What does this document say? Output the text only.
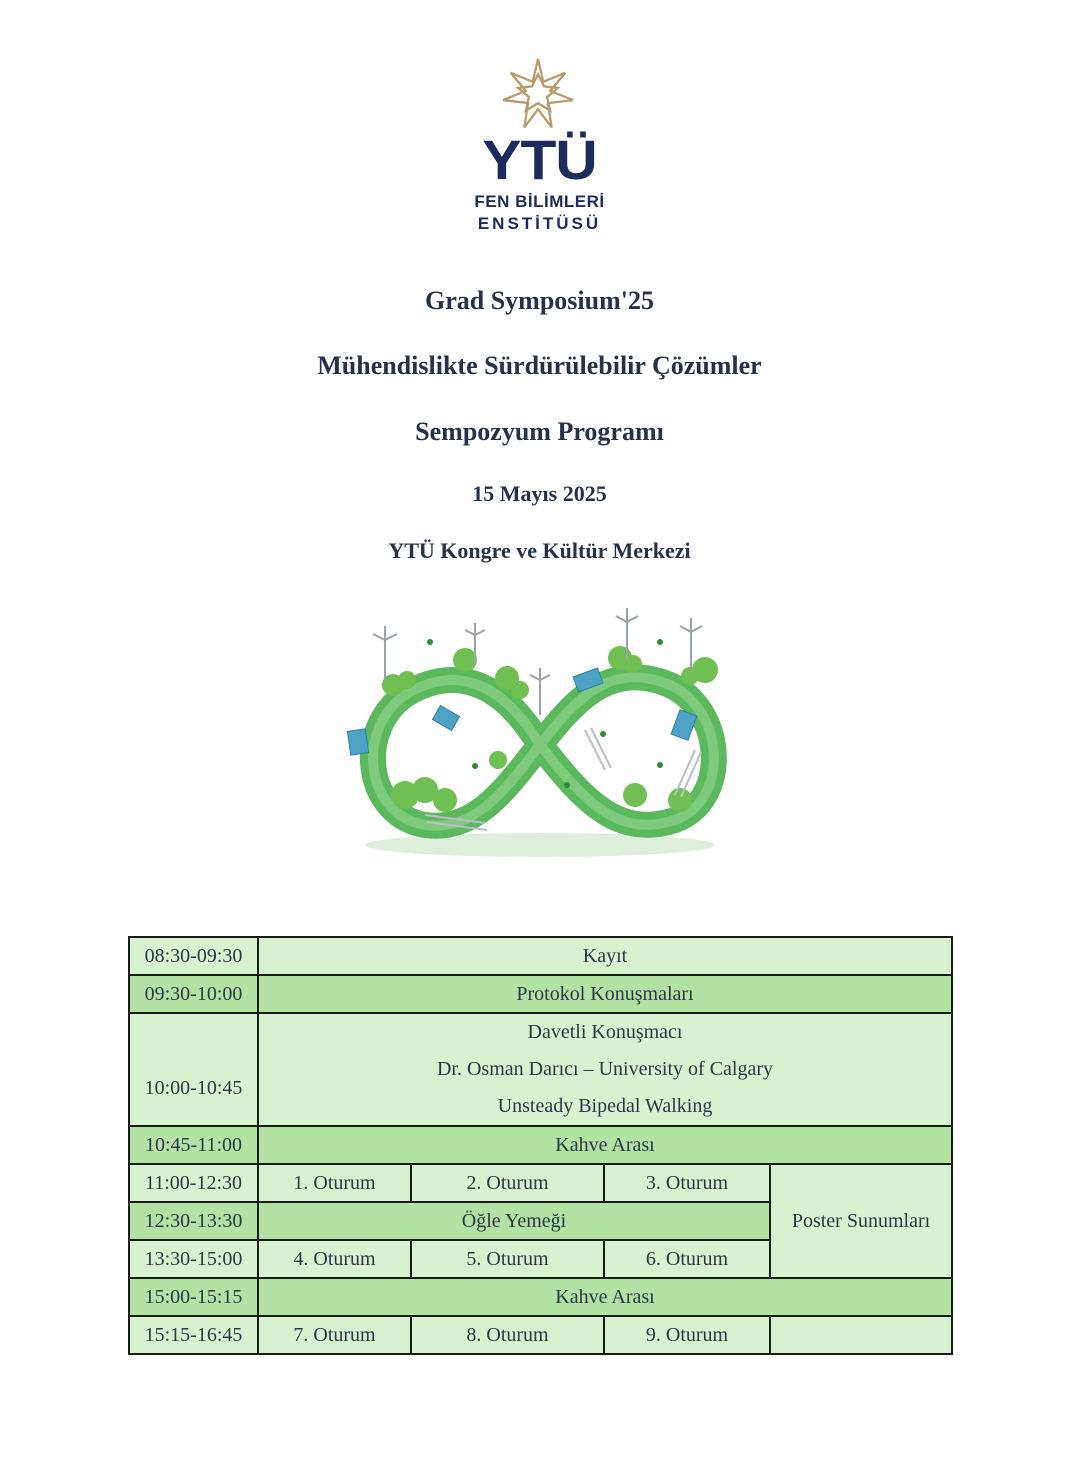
YTÜ
FEN BİLİMLERİ
ENSTİTÜSÜ
Grad Symposium'25
Mühendislikte Sürdürülebilir Çözümler
Sempozyum Programı
15 Mayıs 2025
YTÜ Kongre ve Kültür Merkezi
08:30-09:30	Kayıt			
09:30-10:00	Protokol Konuşmaları			
10:00-10:45	Davetli Konuşmacı
Dr. Osman Darıcı – University of Calgary
Unsteady Bipedal Walking			

10:45-11:00	Kahve Arası			
11:00-12:30	1. Oturum	2. Oturum	3. Oturum	Poster Sunumları
12:30-13:30	Öğle Yemeği			
13:30-15:00	4. Oturum	5. Oturum	6. Oturum	
15:00-15:15	Kahve Arası			
15:15-16:45	7. Oturum	8. Oturum	9. Oturum	
